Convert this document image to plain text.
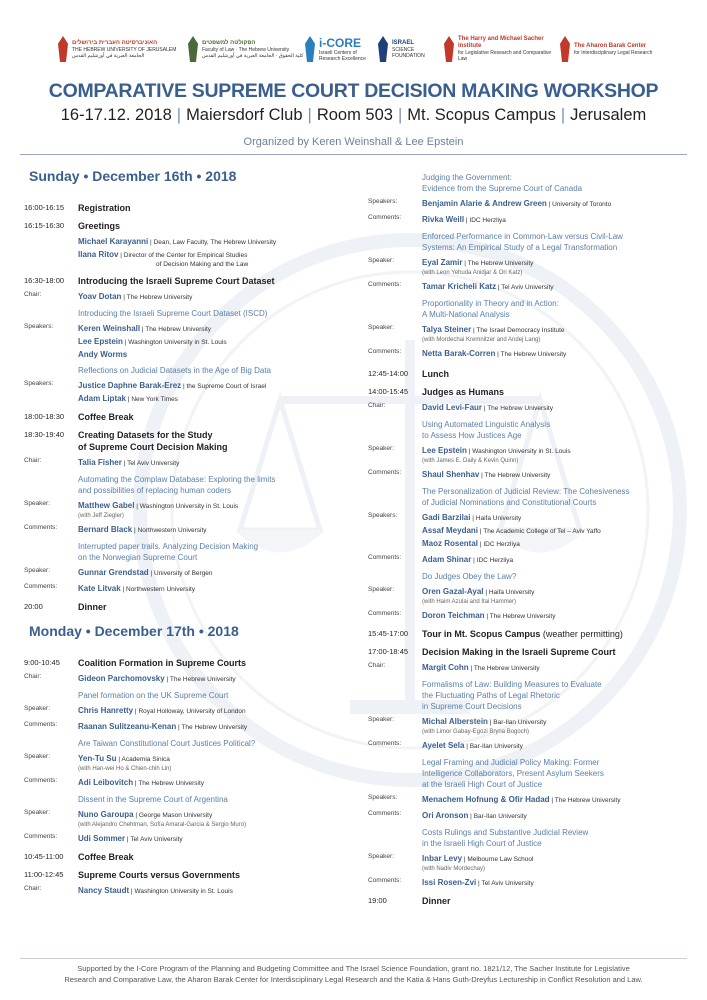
האוניברסיטה העברית בירושלים
THE HEBREW UNIVERSITY OF JERUSALEM
الجامعة العبرية في أورشليم القدس
הפקולטה למשפטים
Faculty of Law · The Hebrew University
كلية الحقوق · الجامعة العبرية في أورشليم القدس
i-CORE
Israeli Centers of Research Excellence
ISRAEL
SCIENCE
FOUNDATION
The Harry and Michael Sacher Institute
for Legislative Research and Comparative Law
The Aharon Barak Center
for Interdisciplinary Legal Research
COMPARATIVE SUPREME COURT DECISION MAKING WORKSHOP
16-17.12. 2018 | Maiersdorf Club | Room 503 | Mt. Scopus Campus | Jerusalem
Organized by Keren Weinshall & Lee Epstein
Sunday • December 16th • 2018
16:00-16:15	Registration
16:15-16:30	Greetings
Michael Karayanni | Dean, Law Faculty, The Hebrew University
Ilana Ritov | Director of the Center for Empirical Studies
of Decision Making and the Law
16:30-18:00	Introducing the Israeli Supreme Court Dataset
Chair:	Yoav Dotan | The Hebrew University
Introducing the Israeli Supreme Court Dataset (ISCD)
Speakers:	Keren Weinshall | The Hebrew University
Lee Epstein | Washington University in St. Louis
Andy Worms
Reflections on Judicial Datasets in the Age of Big Data
Speakers:	Justice Daphne Barak-Erez | the Supreme Court of Israel
Adam Liptak | New York Times
18:00-18:30	Coffee Break
18:30-19:40	Creating Datasets for the Study
of Supreme Court Decision Making
Chair:	Talia Fisher | Tel Aviv University
Automating the Complaw Database: Exploring the limits
and possibilities of replacing human coders
Speaker:	Matthew Gabel | Washington University in St. Louis
(with Jeff Ziegler)
Comments:	Bernard Black | Northwestern University
Interrupted paper trails. Analyzing Decision Making
on the Norwegian Supreme Court
Speaker:	Gunnar Grendstad | University of Bergen
Comments:	Kate Litvak | Northwestern University
20:00	Dinner
Monday • December 17th • 2018
9:00-10:45	Coalition Formation in Supreme Courts
Chair:	Gideon Parchomovsky | The Hebrew University
Panel formation on the UK Supreme Court
Speaker:	Chris Hanretty | Royal Holloway, University of London
Comments:	Raanan Sulitzeanu-Kenan | The Hebrew University
Are Taiwan Constitutional Court Justices Political?
Speaker:	Yen-Tu Su | Academia Sinica
(with Han-wei Ho & Chien-chih Lin)
Comments:	Adi Leibovitch | The Hebrew University
Dissent in the Supreme Court of Argentina
Speaker:	Nuno Garoupa | George Mason University
(with Alejandro Chehtman, Sofía Amaral-Garcia & Sergio Muro)
Comments:	Udi Sommer | Tel Aviv University
10:45-11:00	Coffee Break
11:00-12:45	Supreme Courts versus Governments
Chair:	Nancy Staudt | Washington University in St. Louis
Judging the Government:
Evidence from the Supreme Court of Canada
Speakers:	Benjamin Alarie & Andrew Green | University of Toronto
Comments:	Rivka Weill | IDC Herzliya
Enforced Performance in Common-Law versus Civil-Law
Systems: An Empirical Study of a Legal Transformation
Speaker:	Eyal Zamir | The Hebrew University
(with Leon Yehuda Anidjar & Ori Katz)
Comments:	Tamar Kricheli Katz | Tel Aviv University
Proportionality in Theory and in Action:
A Multi-National Analysis
Speaker:	Talya Steiner | The Israel Democracy Institute
(with Mordechai Kremnitzer and Andej Lang)
Comments:	Netta Barak-Corren | The Hebrew University
12:45-14:00	Lunch
14:00-15:45	Judges as Humans
Chair:	David Levi-Faur | The Hebrew University
Using Automated Linguistic Analysis
to Assess How Justices Age
Speaker:	Lee Epstein | Washington University in St. Louis
(with James E. Daily & Kevin Quinn)
Comments:	Shaul Shenhav | The Hebrew University
The Personalization of Judicial Review: The Cohesiveness
of Judicial Nominations and Constitutional Courts
Speakers:	Gadi Barzilai | Haifa University
Assaf Meydani | The Academic College of Tel – Aviv Yaffo
Maoz Rosental | IDC Herzliya
Comments:	Adam Shinar | IDC Herzliya
Do Judges Obey the Law?
Speaker:	Oren Gazal-Ayal | Haifa University
(with Haim Azulai and Itai Hammer)
Comments:	Doron Teichman | The Hebrew University
15:45-17:00	Tour in Mt. Scopus Campus (weather permitting)
17:00-18:45	Decision Making in the Israeli Supreme Court
Chair:	Margit Cohn | The Hebrew University
Formalisms of Law: Building Measures to Evaluate
the Fluctuating Paths of Legal Rhetoric
in Supreme Court Decisions
Speaker:	Michal Alberstein | Bar-Ilan University
(with Limor Gabay-Egozi Bryna Bogoch)
Comments:	Ayelet Sela | Bar-Ilan University
Legal Framing and Judicial Policy Making: Former
Intelligence Collaborators, Present Asylum Seekers
at the Israeli High Court of Justice
Speakers:	Menachem Hofnung & Ofir Hadad | The Hebrew University
Comments:	Ori Aronson | Bar-Ilan University
Costs Rulings and Substantive Judicial Review
in the Israeli High Court of Justice
Speaker:	Inbar Levy | Melbourne Law School
(with Nadiv Mordechay)
Comments:	Issi Rosen-Zvi | Tel Aviv University
19:00	Dinner
Supported by the I-Core Program of the Planning and Budgeting Committee and The Israel Science Foundation, grant no. 1821/12, The Sacher Institute for Legislative
Research and Comparative Law, the Aharon Barak Center for Interdisciplinary Legal Research and the Katia & Hans Guth-Dreyfus Lectureship in Conflict Resolution and Law.
